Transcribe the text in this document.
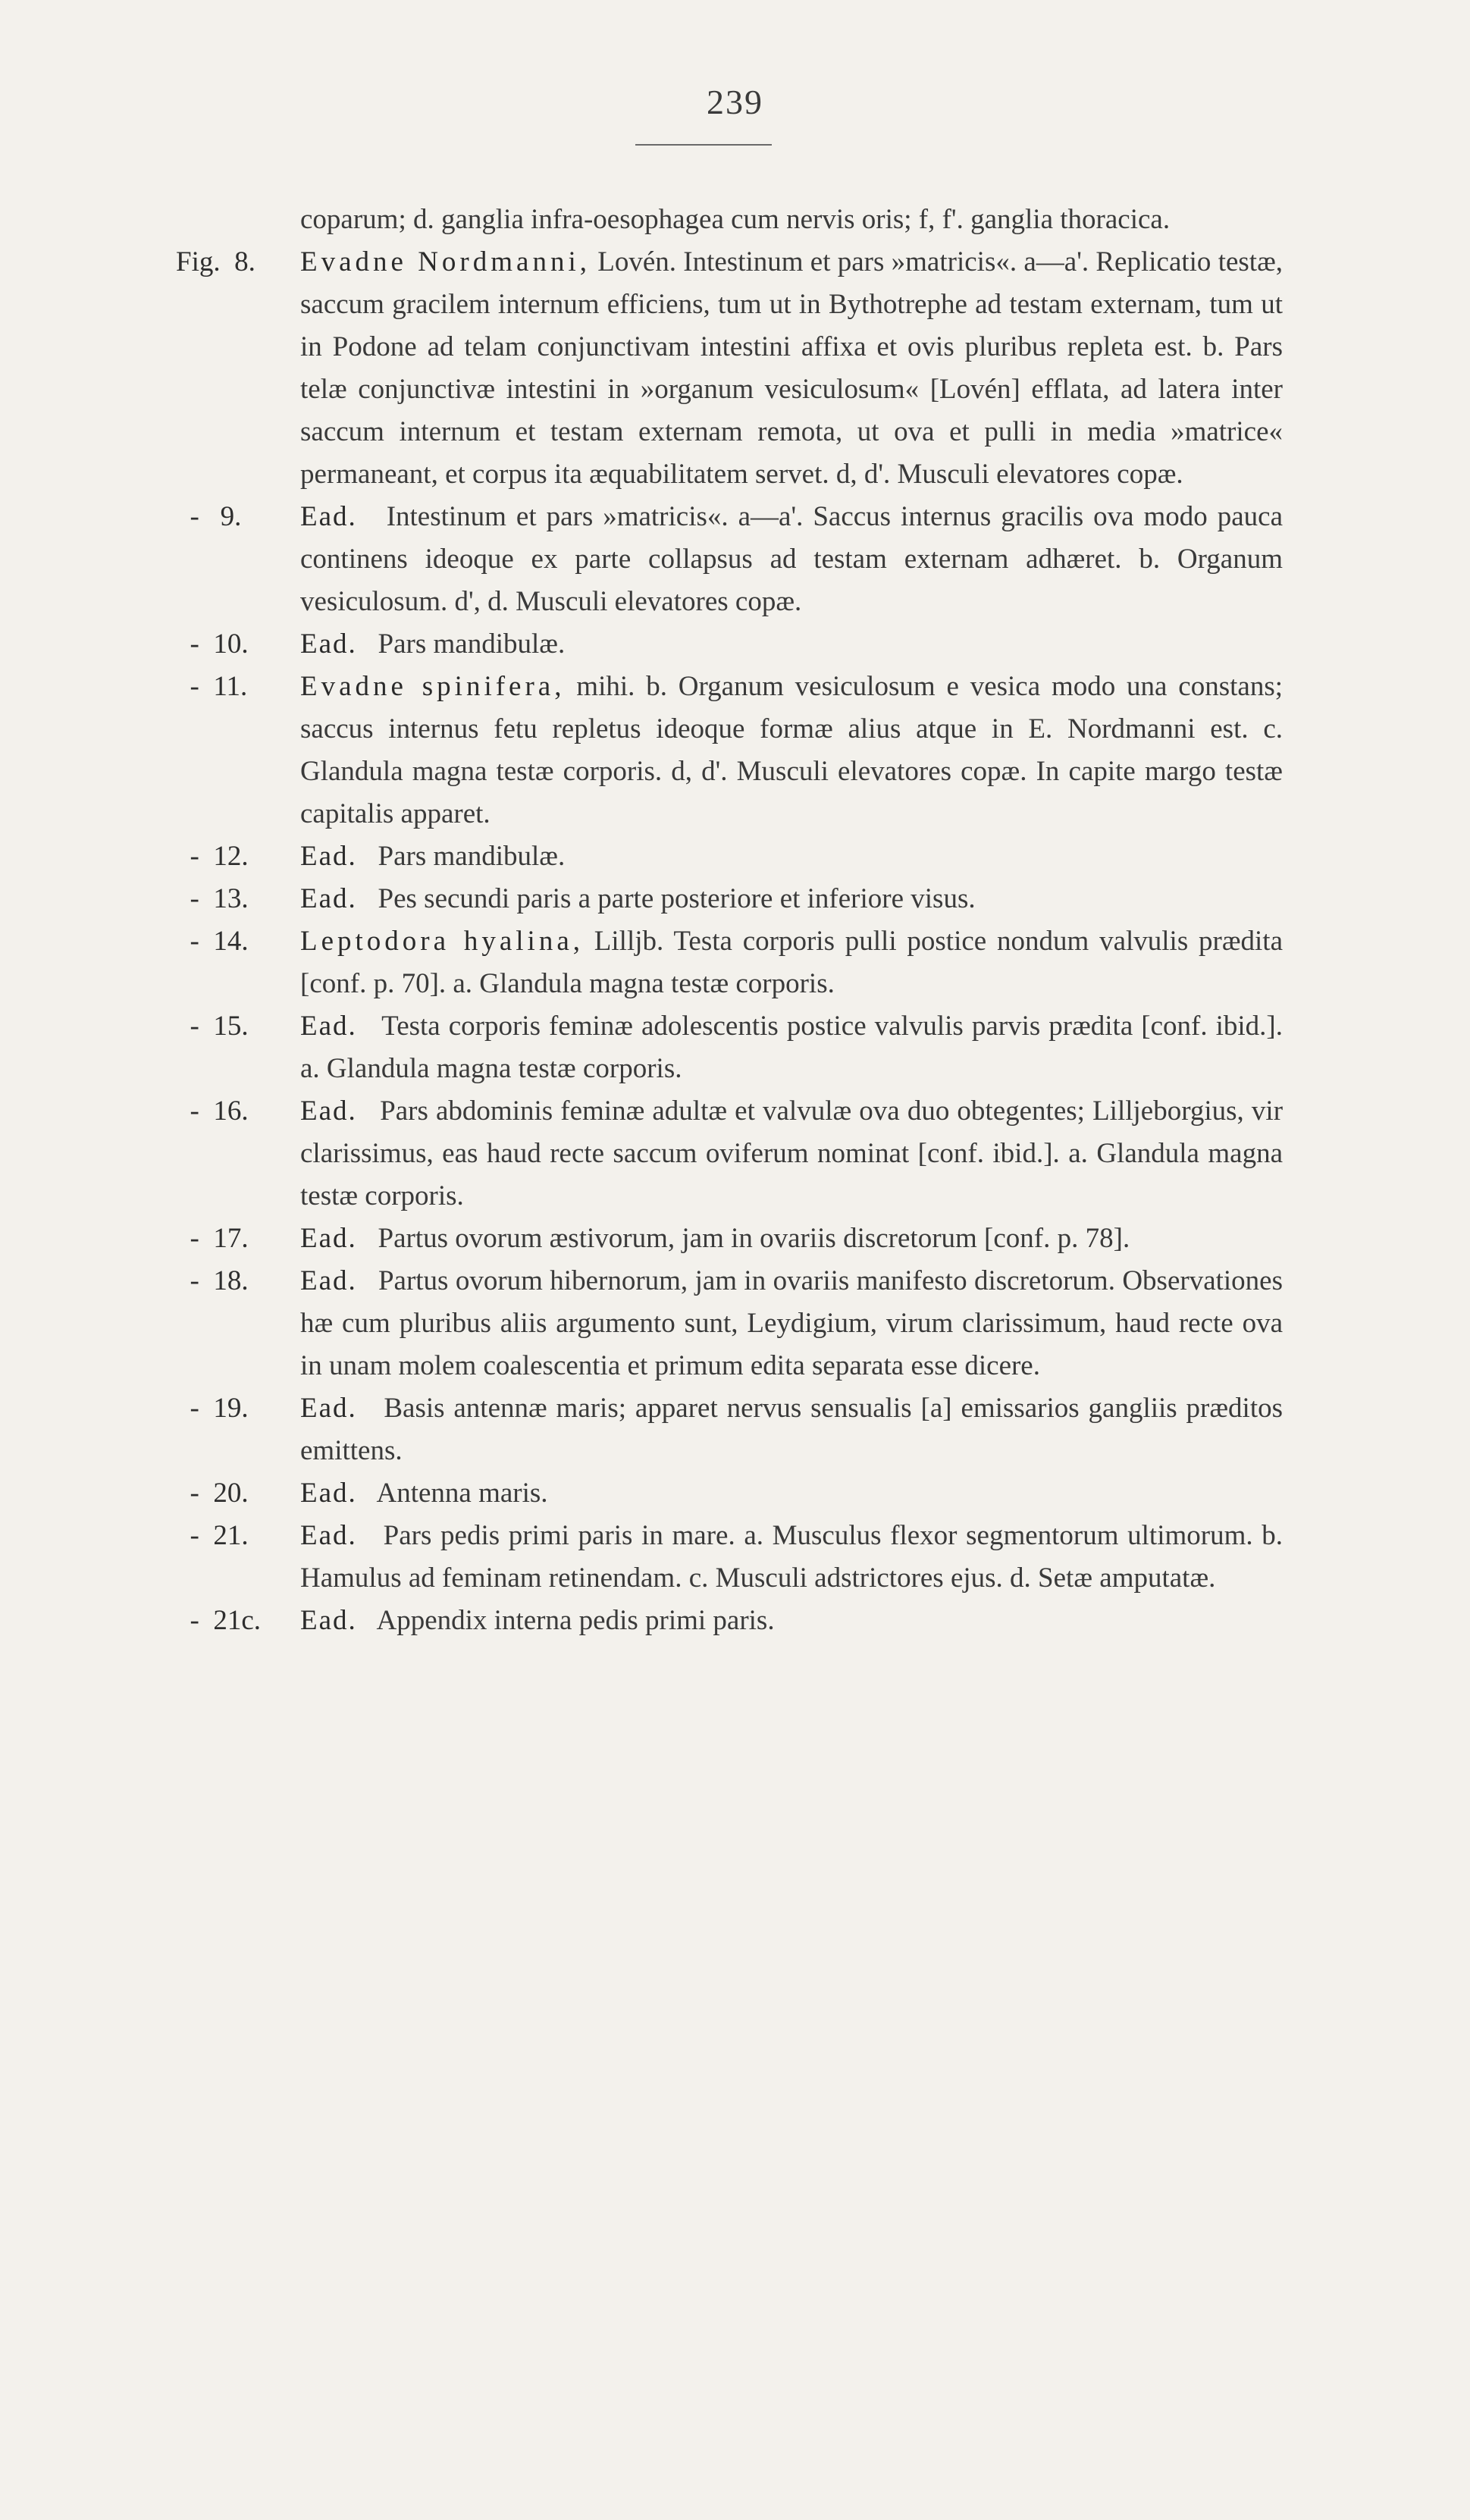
239
coparum; d. ganglia infra-oesophagea cum nervis oris; f, f'. ganglia thoracica.
Fig.  8.	Evadne Nordmanni, Lovén. Intestinum et pars »matricis«. a—a'. Replicatio testæ, saccum gracilem internum efficiens, tum ut in Bythotrephe ad testam externam, tum ut in Podone ad telam conjunctivam intestini affixa et ovis pluribus repleta est. b. Pars telæ conjunctivæ intestini in »organum vesiculosum« [Lovén] efflata, ad latera inter saccum internum et testam externam remota, ut ova et pulli in media »matrice« permaneant, et corpus ita æquabilitatem servet. d, d'. Musculi elevatores copæ.
-   9.	Ead. Intestinum et pars »matricis«. a—a'. Saccus internus gracilis ova modo pauca continens ideoque ex parte collapsus ad testam externam adhæret. b. Organum vesiculosum. d', d. Musculi elevatores copæ.
-  10.	Ead. Pars mandibulæ.
-  11.	Evadne spinifera, mihi. b. Organum vesiculosum e vesica modo una constans; saccus internus fetu repletus ideoque formæ alius atque in E. Nordmanni est. c. Glandula magna testæ corporis. d, d'. Musculi elevatores copæ. In capite margo testæ capitalis apparet.
-  12.	Ead. Pars mandibulæ.
-  13.	Ead. Pes secundi paris a parte posteriore et inferiore visus.
-  14.	Leptodora hyalina, Lilljb. Testa corporis pulli postice nondum valvulis prædita [conf. p. 70]. a. Glandula magna testæ corporis.
-  15.	Ead. Testa corporis feminæ adolescentis postice valvulis parvis prædita [conf. ibid.]. a. Glandula magna testæ corporis.
-  16.	Ead. Pars abdominis feminæ adultæ et valvulæ ova duo obtegentes; Lilljeborgius, vir clarissimus, eas haud recte saccum oviferum nominat [conf. ibid.]. a. Glandula magna testæ corporis.
-  17.	Ead. Partus ovorum æstivorum, jam in ovariis discretorum [conf. p. 78].
-  18.	Ead. Partus ovorum hibernorum, jam in ovariis manifesto discretorum. Observationes hæ cum pluribus aliis argumento sunt, Leydigium, virum clarissimum, haud recte ova in unam molem coalescentia et primum edita separata esse dicere.
-  19.	Ead. Basis antennæ maris; apparet nervus sensualis [a] emissarios gangliis præditos emittens.
-  20.	Ead. Antenna maris.
-  21.	Ead. Pars pedis primi paris in mare. a. Musculus flexor segmentorum ultimorum. b. Hamulus ad feminam retinendam. c. Musculi adstrictores ejus. d. Setæ amputatæ.
-  21c.	Ead. Appendix interna pedis primi paris.
